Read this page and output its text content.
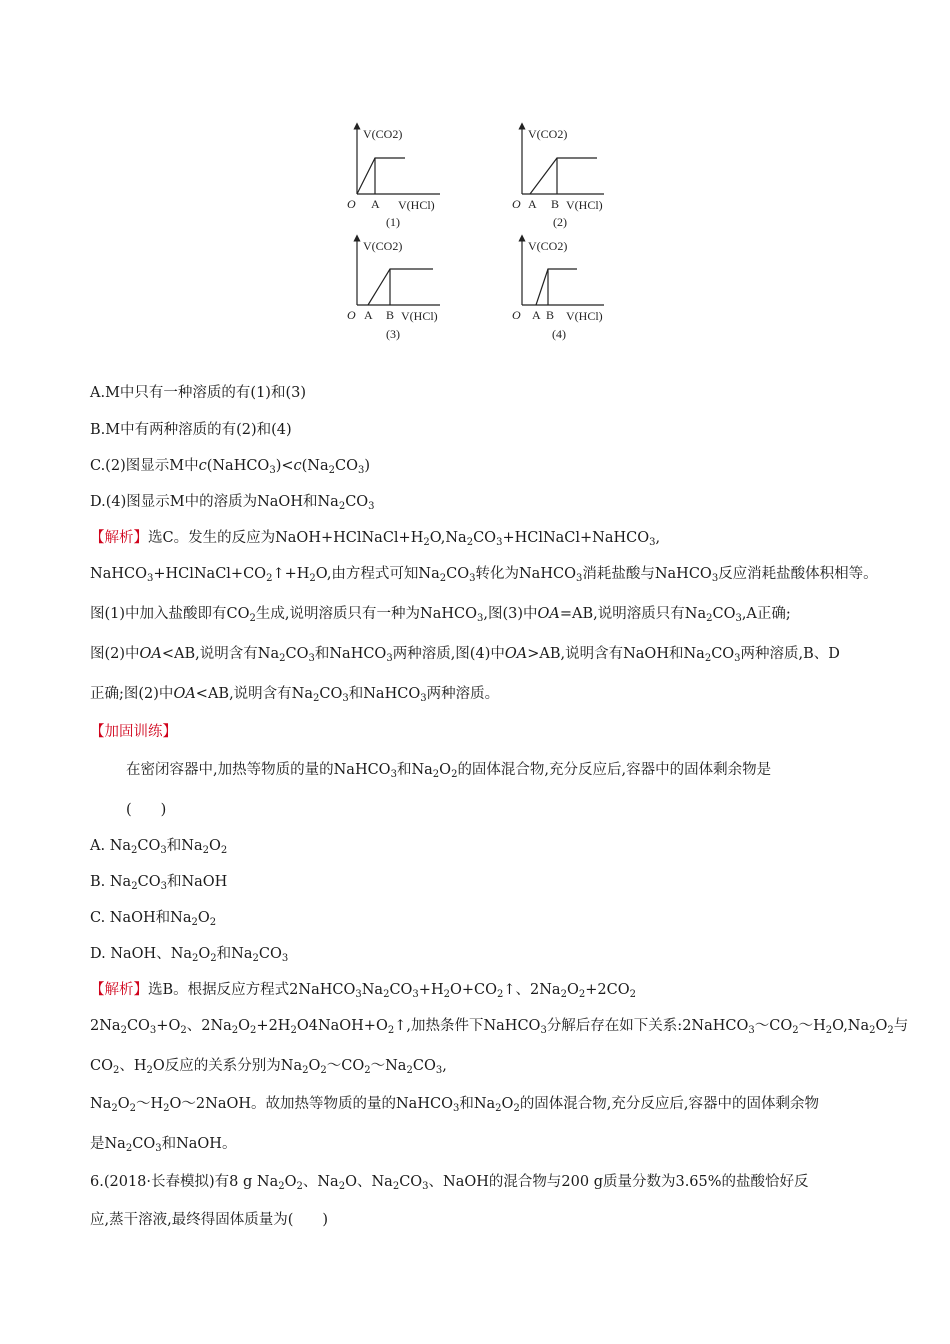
V(CO2)
O A V(HCl)
(1)
V(CO2)
O A B V(HCl)
(2)
V(CO2)
O A B V(HCl)
(3)
V(CO2)
O A B V(HCl)
(4)
A.M中只有一种溶质的有(1)和(3)
B.M中有两种溶质的有(2)和(4)
C.(2)图显示M中$c(NaHCO_3)<c(Na_2CO_3)$
D.(4)图显示M中的溶质为NaOH和$Na_2CO_3$
【解析】选C。发生的反应为$NaOH+HClNaCl+H_2O,Na_2CO_3+HClNaCl+NaHCO_3$,
$NaHCO_3+HClNaCl+CO_2↑+H_2O$,由方程式可知$Na_2CO_3$转化为NaHCO$_3$消耗盐酸与NaHCO$_3$反应消耗盐酸体积相等。
图(1)中加入盐酸即有$CO_2$生成,说明溶质只有一种为NaHCO$_3$,图(3)中OA=AB,说明溶质只有$Na_2CO_3,A$正确;
图(2)中OA<AB,说明含有$Na_2CO_3$和NaHCO$_3$两种溶质,图(4)中OA>AB,说明含有NaOH和$Na_2CO_3$两种溶质,B、D
正确;图(2)中OA<AB,说明含有$Na_2CO_3$和NaHCO$_3$两种溶质。
【加固训练】
在密闭容器中,加热等物质的量的NaHCO$_3$和$Na_2O_2$的固体混合物,充分反应后,容器中的固体剩余物是
(　　)
A. $Na_2CO_3$和$Na_2O_2$
B. $Na_2CO_3$和NaOH
C. NaOH和$Na_2O_2$
D. NaOH、$Na_2O_2$和$Na_2CO_3$
【解析】选B。根据反应方程式$2NaHCO_3Na_2CO_3+H_2O+CO_2↑$、$2Na_2O_2+2CO_2$
$2Na_2CO_3+O_2$、$2Na_2O_2+2H_2O4NaOH+O_2↑$,加热条件下NaHCO$_3$分解后存在如下关系$:2NaHCO_3\sim CO_2\sim H_2O,Na_2O_2$与
$CO_2$、$H_2O$反应的关系分别为$Na_2O_2\sim CO_2\sim Na_2CO_3$,
$Na_2O_2\sim H_2O\sim 2NaOH$。故加热等物质的量的NaHCO$_3$和$Na_2O_2$的固体混合物,充分反应后,容器中的固体剩余物
是$Na_2CO_3$和NaOH。
6.(2018·长春模拟)有8 g $Na_2O_2$、$Na_2O$、$Na_2CO_3$、NaOH的混合物与200 g质量分数为3.65%的盐酸恰好反
应,蒸干溶液,最终得固体质量为(　　)
